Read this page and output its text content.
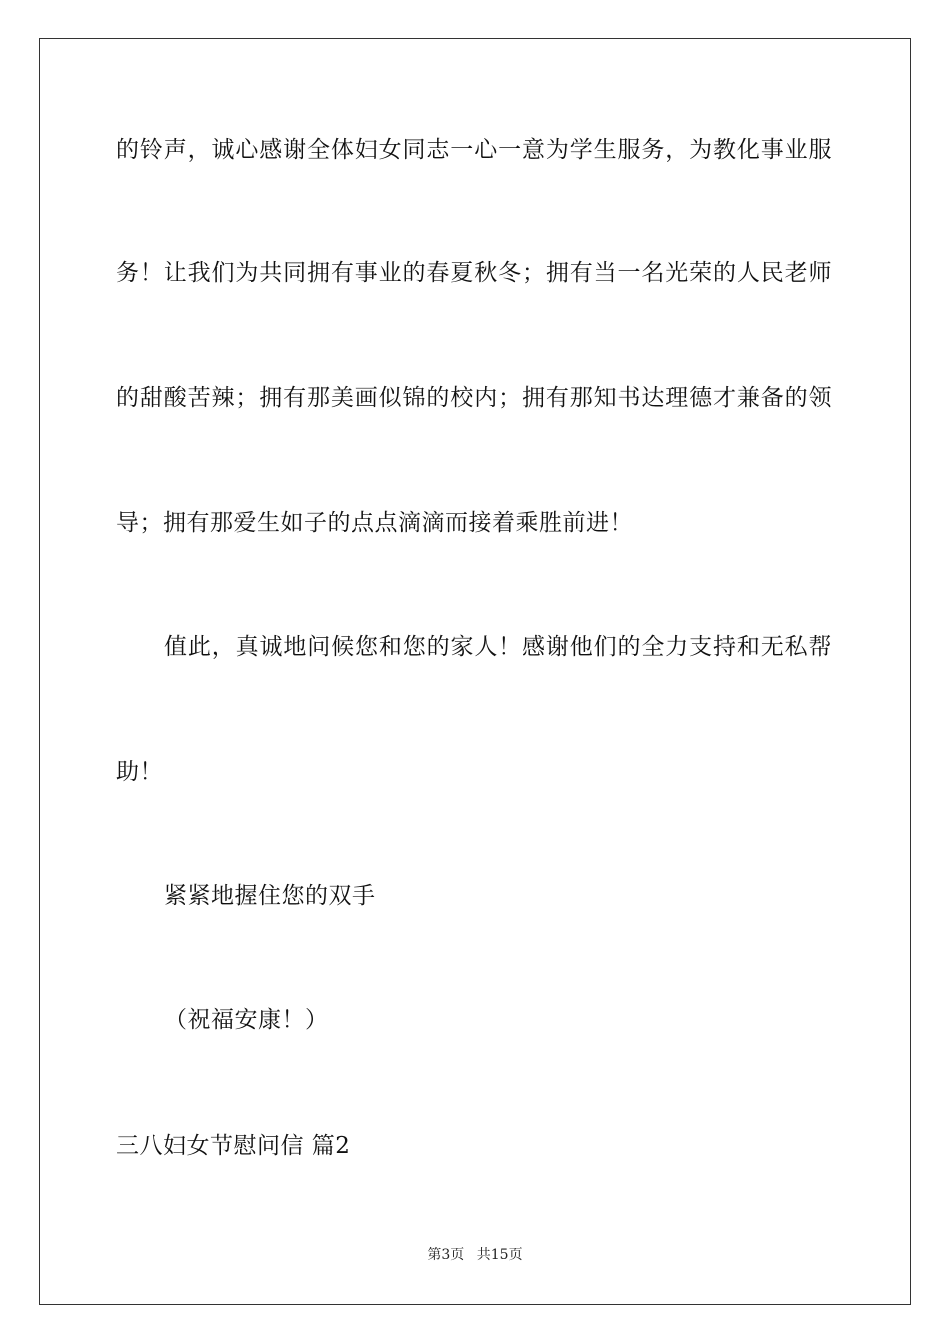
的铃声，诚心感谢全体妇女同志一心一意为学生服务，为教化事业服
务！让我们为共同拥有事业的春夏秋冬；拥有当一名光荣的人民老师
的甜酸苦辣；拥有那美画似锦的校内；拥有那知书达理德才兼备的领
导；拥有那爱生如子的点点滴滴而接着乘胜前进！
值此，真诚地问候您和您的家人！感谢他们的全力支持和无私帮
助！
紧紧地握住您的双手
（祝福安康！）
三八妇女节慰问信 篇2
第3页 共15页
